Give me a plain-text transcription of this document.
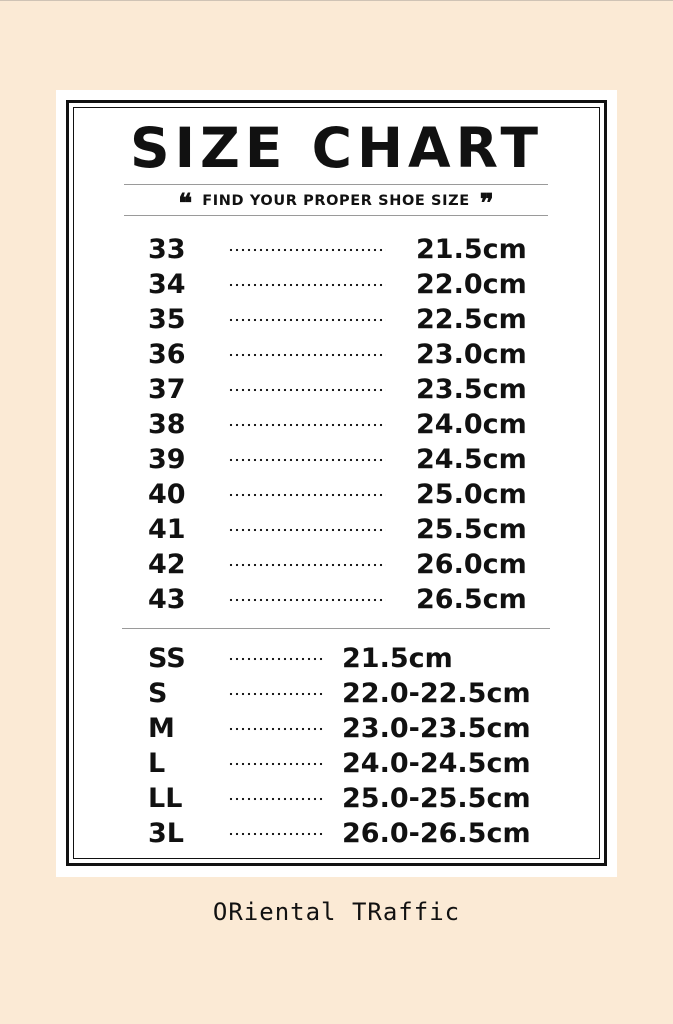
SIZE CHART
❝ FIND YOUR PROPER SHOE SIZE ❞
33	21.5cm
34	22.0cm
35	22.5cm
36	23.0cm
37	23.5cm
38	24.0cm
39	24.5cm
40	25.0cm
41	25.5cm
42	26.0cm
43	26.5cm
SS	21.5cm
S	22.0-22.5cm
M	23.0-23.5cm
L	24.0-24.5cm
LL	25.0-25.5cm
3L	26.0-26.5cm
ORiental TRaffic
